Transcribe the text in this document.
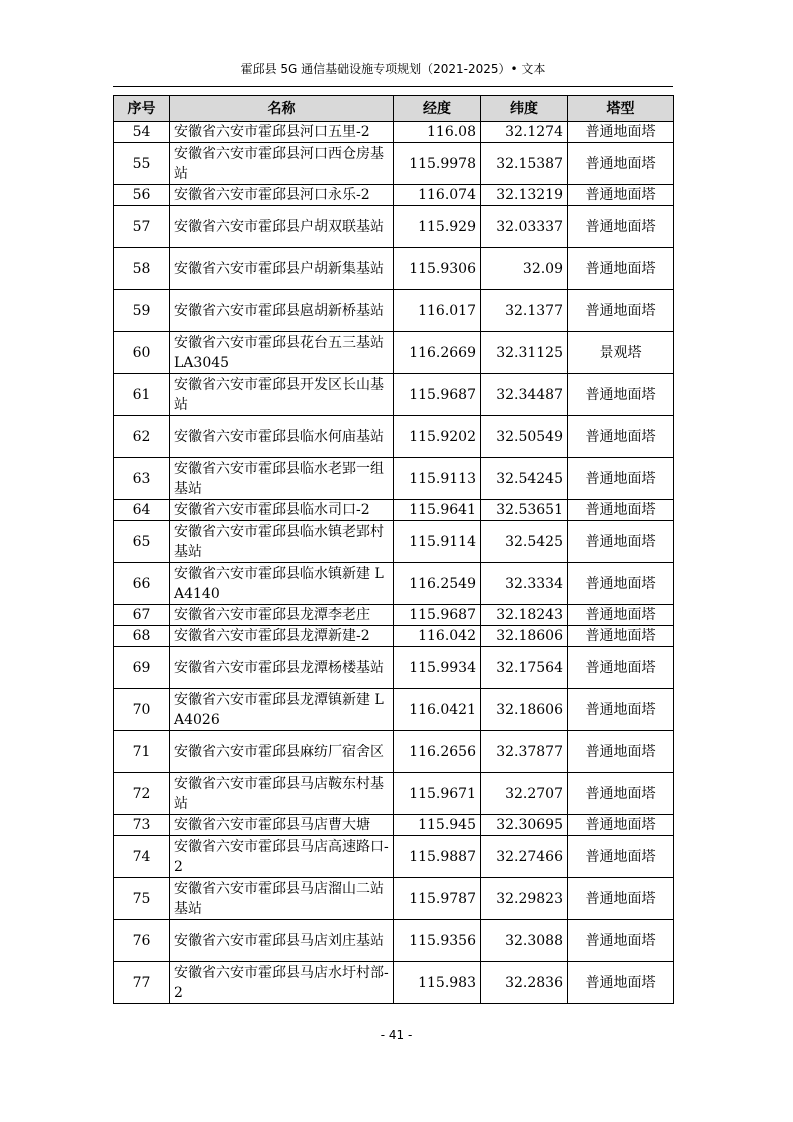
霍邱县 5G 通信基础设施专项规划（2021-2025）• 文本
序号	名称	经度	纬度	塔型
54	安徽省六安市霍邱县河口五里-2	116.08	32.1274	普通地面塔
55	安徽省六安市霍邱县河口西仓房基站	115.9978	32.15387	普通地面塔
56	安徽省六安市霍邱县河口永乐-2	116.074	32.13219	普通地面塔
57	安徽省六安市霍邱县户胡双联基站	115.929	32.03337	普通地面塔
58	安徽省六安市霍邱县户胡新集基站	115.9306	32.09	普通地面塔
59	安徽省六安市霍邱县扈胡新桥基站	116.017	32.1377	普通地面塔
60	安徽省六安市霍邱县花台五三基站 LA3045	116.2669	32.31125	景观塔
61	安徽省六安市霍邱县开发区长山基站	115.9687	32.34487	普通地面塔
62	安徽省六安市霍邱县临水何庙基站	115.9202	32.50549	普通地面塔
63	安徽省六安市霍邱县临水老郢一组基站	115.9113	32.54245	普通地面塔
64	安徽省六安市霍邱县临水司口-2	115.9641	32.53651	普通地面塔
65	安徽省六安市霍邱县临水镇老郢村基站	115.9114	32.5425	普通地面塔
66	安徽省六安市霍邱县临水镇新建 LA4140	116.2549	32.3334	普通地面塔
67	安徽省六安市霍邱县龙潭李老庄	115.9687	32.18243	普通地面塔
68	安徽省六安市霍邱县龙潭新建-2	116.042	32.18606	普通地面塔
69	安徽省六安市霍邱县龙潭杨楼基站	115.9934	32.17564	普通地面塔
70	安徽省六安市霍邱县龙潭镇新建 LA4026	116.0421	32.18606	普通地面塔
71	安徽省六安市霍邱县麻纺厂宿舍区	116.2656	32.37877	普通地面塔
72	安徽省六安市霍邱县马店鞍东村基站	115.9671	32.2707	普通地面塔
73	安徽省六安市霍邱县马店曹大塘	115.945	32.30695	普通地面塔
74	安徽省六安市霍邱县马店高速路口-2	115.9887	32.27466	普通地面塔
75	安徽省六安市霍邱县马店溜山二站基站	115.9787	32.29823	普通地面塔
76	安徽省六安市霍邱县马店刘庄基站	115.9356	32.3088	普通地面塔
77	安徽省六安市霍邱县马店水圩村部-2	115.983	32.2836	普通地面塔
- 41 -
